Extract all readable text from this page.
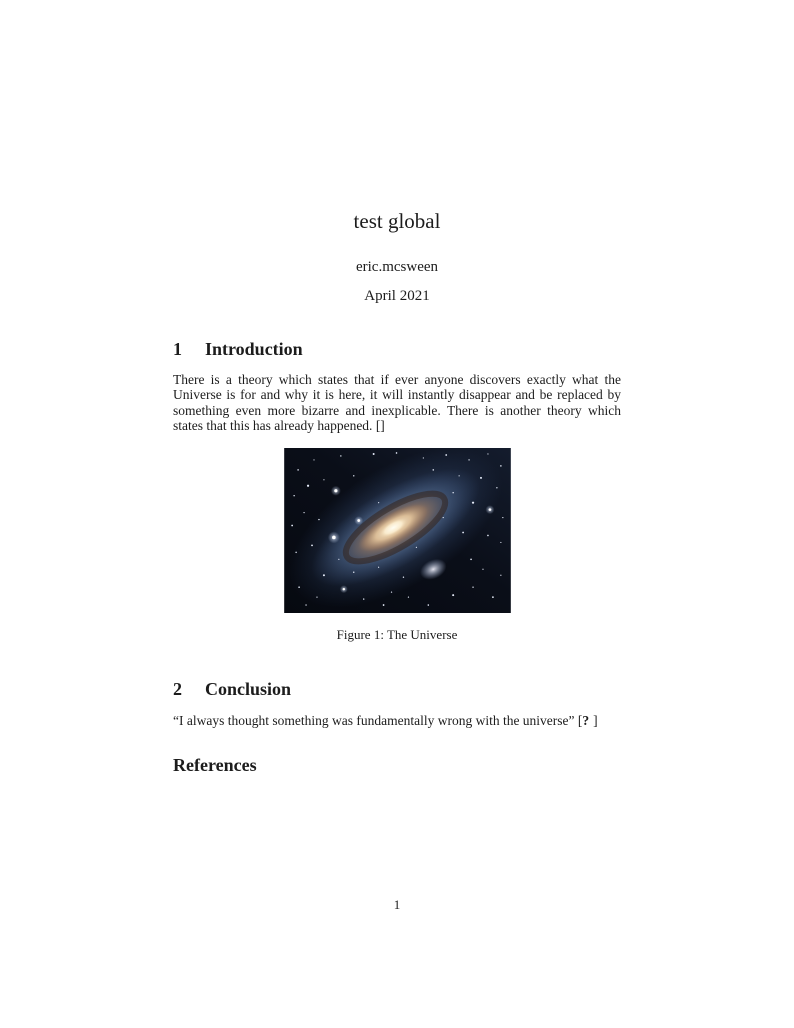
test global
eric.mcsween
April 2021
1 Introduction
There is a theory which states that if ever anyone discovers exactly what the Universe is for and why it is here, it will instantly disappear and be replaced by something even more bizarre and inexplicable. There is another theory which states that this has already happened. []
Figure 1: The Universe
2 Conclusion
“I always thought something was fundamentally wrong with the universe” [? ]
References
1
